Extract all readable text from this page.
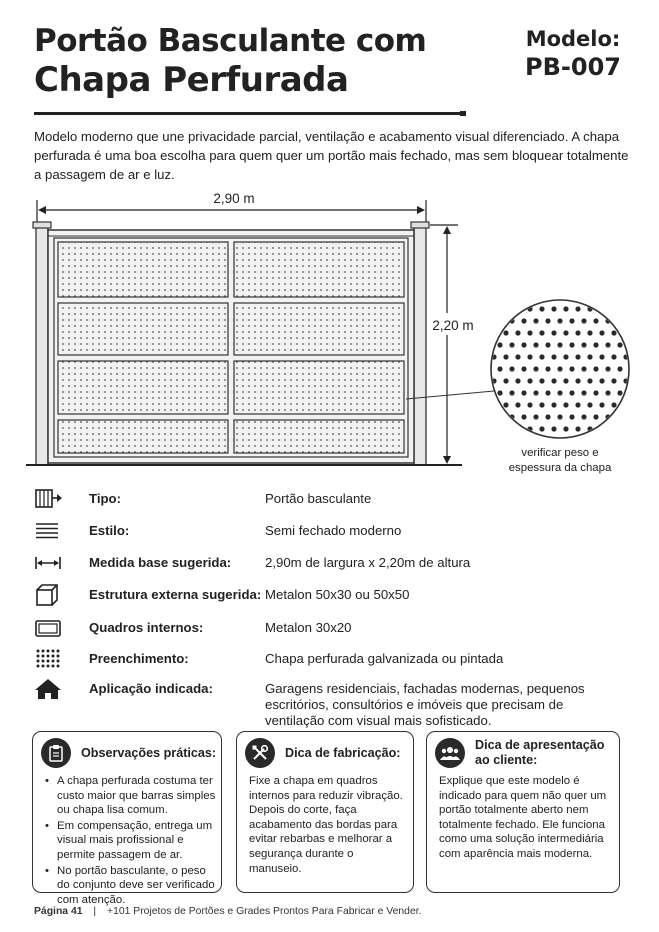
Portão Basculante com
Chapa Perfurada
Modelo:
PB-007

Modelo moderno que une privacidade parcial, ventilação e acabamento visual diferenciado. A chapa perfurada é uma boa escolha para quem quer um portão mais fechado, mas sem bloquear totalmente a passagem de ar e luz.

2,90 m
2,20 m
verificar peso e
espessura da chapa
Tipo:	Portão basculante
Estilo:	Semi fechado moderno
Medida base sugerida:	2,90m de largura x 2,20m de altura
Estrutura externa sugerida: Metalon 50x30 ou 50x50
Quadros internos:	Metalon 30x20
Preenchimento:	Chapa perfurada galvanizada ou pintada
Aplicação indicada:	Garagens residenciais, fachadas modernas, pequenos escritórios, consultórios e imóveis que precisam de ventilação com visual mais sofisticado.
Observações práticas:
• A chapa perfurada costuma ter custo maior que barras simples ou chapa lisa comum.
• Em compensação, entrega um visual mais profissional e permite passagem de ar.
• No portão basculante, o peso do conjunto deve ser verificado com atenção.
Dica de fabricação:

Fixe a chapa em quadros internos para reduzir vibração. Depois do corte, faça acabamento das bordas para evitar rebarbas e melhorar a segurança durante o manuseio.

Dica de apresentação
ao cliente:

Explique que este modelo é indicado para quem não quer um portão totalmente aberto nem totalmente fechado. Ele funciona como uma solução intermediária com aparência mais moderna.

Página 41 | +101 Projetos de Portões e Grades Prontos Para Fabricar e Vender.
